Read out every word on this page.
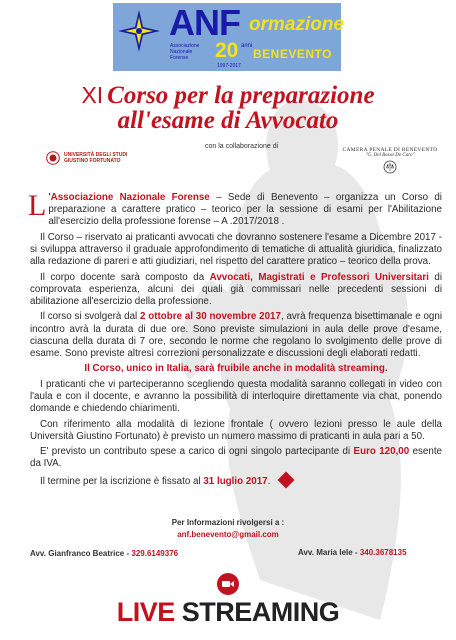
ANF ormazione
Associazione
Nazionale
Forense	20 anni
BENEVENTO
1997-2017
XI Corso per la preparazione
all'esame di Avvocato
con la collaborazione di
UNIVERSITÀ DEGLI STUDI
GIUSTINO FORTUNATO
CAMERA PENALE DI BENEVENTO
"G. Del Basso De Caro"

L 'Associazione Nazionale Forense – Sede di Benevento – organizza un Corso di preparazione a carattere pratico – teorico per la sessione di esami per l'Abilitazione all'esercizio della professione forense – A .2017/2018 .

Il Corso – riservato ai praticanti avvocati che dovranno sostenere l'esame a Dicembre 2017 - si sviluppa attraverso il graduale approfondimento di tematiche di attualità giuridica, finalizzato alla redazione di pareri e atti giudiziari, nel rispetto del carattere pratico – teorico della prova.

Il corpo docente sarà composto da Avvocati, Magistrati e Professori Universitari di comprovata esperienza, alcuni dei quali già commissari nelle precedenti sessioni di abilitazione all'esercizio della professione.

Il corso si svolgerà dal 2 ottobre al 30 novembre 2017, avrà frequenza bisettimanale e ogni incontro avrà la durata di due ore. Sono previste simulazioni in aula delle prove d'esame, ciascuna della durata di 7 ore, secondo le norme che regolano lo svolgimento delle prove di esame. Sono previste altresì correzioni personalizzate e discussioni degli elaborati redatti.

Il Corso, unico in Italia, sarà fruibile anche in modalità streaming.

I praticanti che vi parteciperanno scegliendo questa modalità saranno collegati in video con l'aula e con il docente, e avranno la possibilità di interloquire direttamente via chat, ponendo domande e chiedendo chiarimenti.

Con riferimento alla modalità di lezione frontale ( ovvero lezioni presso le aule della Università Giustino Fortunato) è previsto un numero massimo di praticanti in aula pari a 50.

E' previsto un contributo spese a carico di ogni singolo partecipante di Euro 120,00 esente da IVA.

Il termine per la iscrizione è fissato al 31 luglio 2017.

Per Informazioni rivolgersi a :
anf.benevento@gmail.com
Avv. Gianfranco Beatrice - 329.6149376	Avv. Maria Iele - 340.3678135
LIVE STREAMING
